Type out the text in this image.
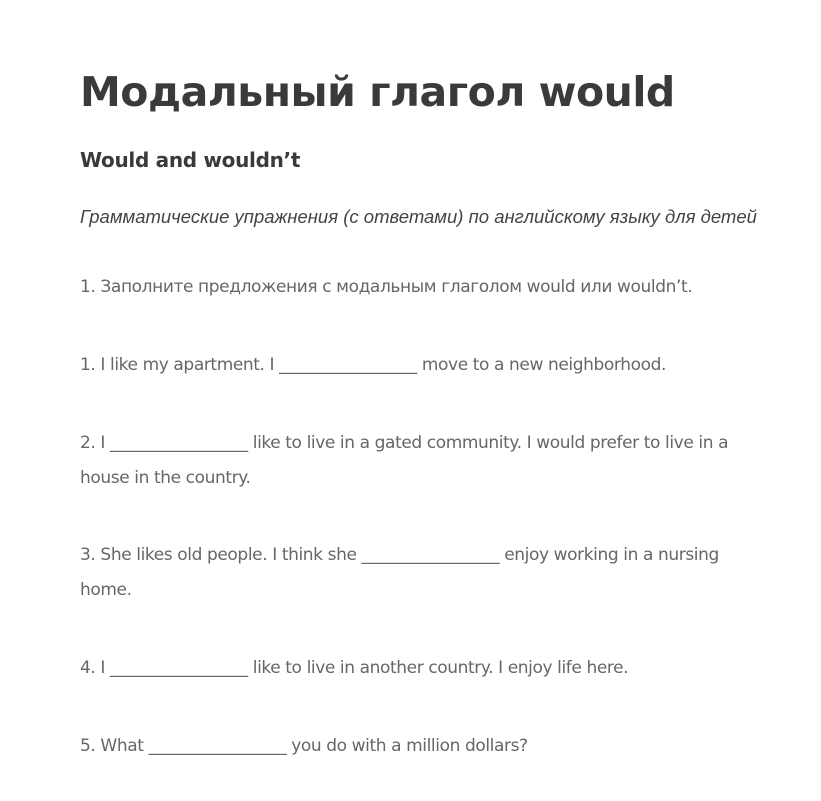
Модальный глагол would
Would and wouldn’t

Грамматические упражнения (с ответами) по английскому языку для детей

1. Заполните предложения с модальным глаголом would или wouldn’t.

1. I like my apartment. I _________________ move to a new neighborhood.

2. I _________________ like to live in a gated community. I would prefer to live in a house in the country.

3. She likes old people. I think she _________________ enjoy working in a nursing home.

4. I _________________ like to live in another country. I enjoy life here.

5. What _________________ you do with a million dollars?
